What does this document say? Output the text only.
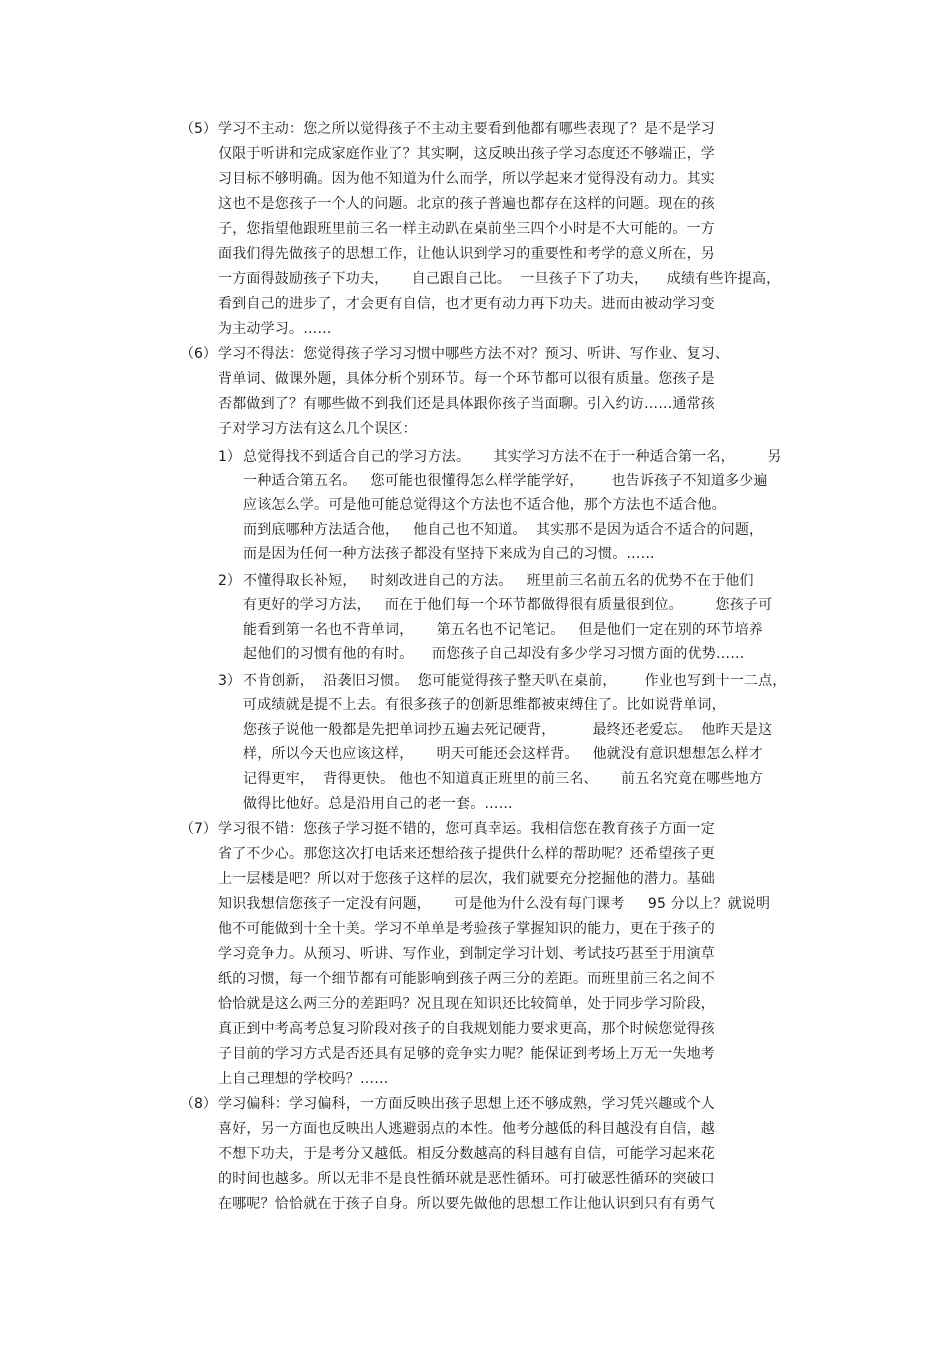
（5） 学习不主动：您之所以觉得孩子不主动主要看到他都有哪些表现了？是不是学习
仅限于听讲和完成家庭作业了？其实啊，这反映出孩子学习态度还不够端正，学
习目标不够明确。因为他不知道为什么而学，所以学起来才觉得没有动力。其实
这也不是您孩子一个人的问题。北京的孩子普遍也都存在这样的问题。现在的孩
子，您指望他跟班里前三名一样主动趴在桌前坐三四个小时是不大可能的。一方
面我们得先做孩子的思想工作，让他认识到学习的重要性和考学的意义所在，另
一方面得鼓励孩子下功夫，     自己跟自己比。  一旦孩子下了功夫，    成绩有些许提高，
看到自己的进步了，才会更有自信，也才更有动力再下功夫。进而由被动学习变
为主动学习。……
（6） 学习不得法：您觉得孩子学习习惯中哪些方法不对？预习、听讲、写作业、复习、
背单词、做课外题，具体分析个别环节。每一个环节都可以很有质量。您孩子是
否都做到了？有哪些做不到我们还是具体跟你孩子当面聊。引入约访……通常孩
子对学习方法有这么几个误区：
1） 总觉得找不到适合自己的学习方法。     其实学习方法不在于一种适合第一名，       另
一种适合第五名。   您可能也很懂得怎么样学能学好，      也告诉孩子不知道多少遍
应该怎么学。可是他可能总觉得这个方法也不适合他，那个方法也不适合他。
而到底哪种方法适合他，   他自己也不知道。  其实那不是因为适合不适合的问题，
而是因为任何一种方法孩子都没有坚持下来成为自己的习惯。……
2） 不懂得取长补短，   时刻改进自己的方法。   班里前三名前五名的优势不在于他们
有更好的学习方法，   而在于他们每一个环节都做得很有质量很到位。       您孩子可
能看到第一名也不背单词，     第五名也不记笔记。   但是他们一定在别的环节培养
起他们的习惯有他的有时。    而您孩子自己却没有多少学习习惯方面的优势……
3） 不肯创新，  沿袭旧习惯。  您可能觉得孩子整天叭在桌前，      作业也写到十一二点，
可成绩就是提不上去。有很多孩子的创新思维都被束缚住了。比如说背单词，
您孩子说他一般都是先把单词抄五遍去死记硬背，        最终还老爱忘。  他昨天是这
样，所以今天也应该这样，     明天可能还会这样背。   他就没有意识想想怎么样才
记得更牢，  背得更快。 他也不知道真正班里的前三名、     前五名究竟在哪些地方
做得比他好。总是沿用自己的老一套。……
（7） 学习很不错：您孩子学习挺不错的，您可真幸运。我相信您在教育孩子方面一定
省了不少心。那您这次打电话来还想给孩子提供什么样的帮助呢？还希望孩子更
上一层楼是吧？所以对于您孩子这样的层次，我们就要充分挖掘他的潜力。基础
知识我想信您孩子一定没有问题，     可是他为什么没有每门课考     95 分以上？就说明
他不可能做到十全十美。学习不单单是考验孩子掌握知识的能力，更在于孩子的
学习竞争力。从预习、听讲、写作业，到制定学习计划、考试技巧甚至于用演草
纸的习惯，每一个细节都有可能影响到孩子两三分的差距。而班里前三名之间不
恰恰就是这么两三分的差距吗？况且现在知识还比较简单，处于同步学习阶段，
真正到中考高考总复习阶段对孩子的自我规划能力要求更高，那个时候您觉得孩
子目前的学习方式是否还具有足够的竞争实力呢？能保证到考场上万无一失地考
上自己理想的学校吗？……
（8） 学习偏科：学习偏科，一方面反映出孩子思想上还不够成熟，学习凭兴趣或个人
喜好，另一方面也反映出人逃避弱点的本性。他考分越低的科目越没有自信，越
不想下功夫，于是考分又越低。相反分数越高的科目越有自信，可能学习起来花
的时间也越多。所以无非不是良性循环就是恶性循环。可打破恶性循环的突破口
在哪呢？恰恰就在于孩子自身。所以要先做他的思想工作让他认识到只有有勇气
